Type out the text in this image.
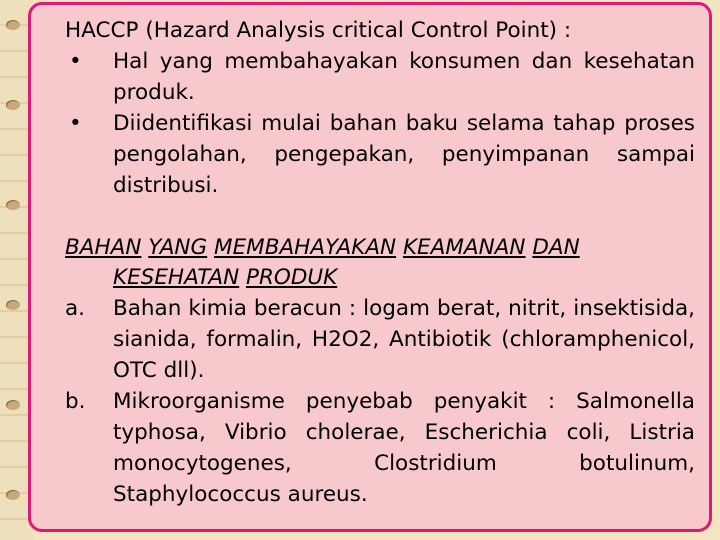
HACCP (Hazard Analysis critical Control Point) :
•	Hal yang membahayakan konsumen dan kesehatan produk.
•	Diidentifikasi mulai bahan baku selama tahap proses pengolahan, pengepakan, penyimpanan sampai distribusi.
BAHAN YANG MEMBAHAYAKAN KEAMANAN DAN KESEHATAN PRODUK
a.	Bahan kimia beracun : logam berat, nitrit, insektisida, sianida, formalin, H2O2, Antibiotik (chloramphenicol, OTC dll).
b.	Mikroorganisme penyebab penyakit : Salmonella typhosa, Vibrio cholerae, Escherichia coli, Listria monocytogenes, Clostridium botulinum, Staphylococcus aureus.
